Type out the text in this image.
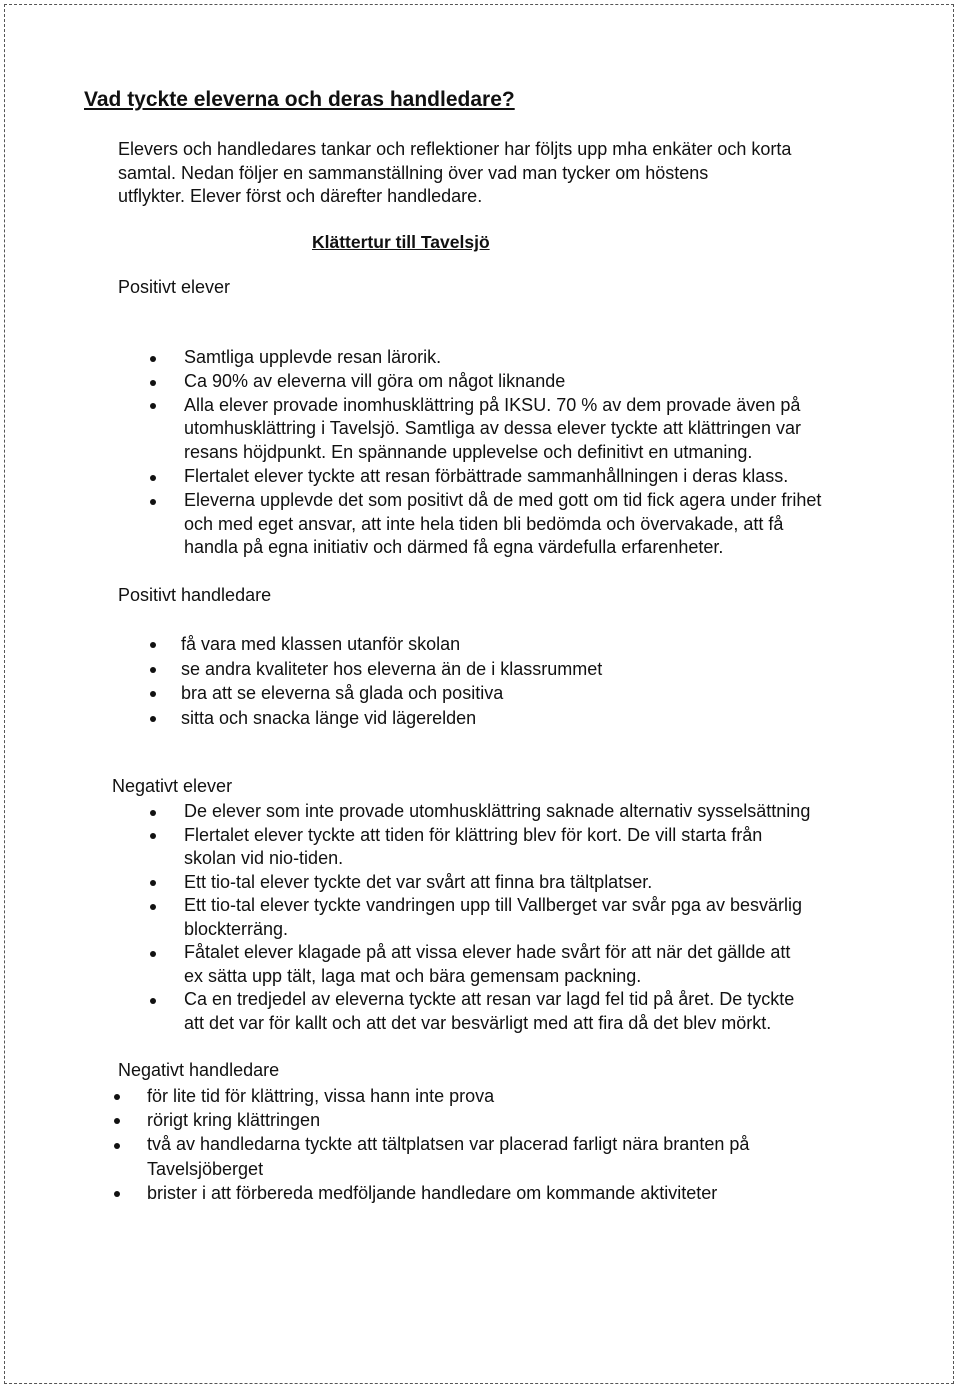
Vad tyckte eleverna och deras handledare?
Elevers och handledares tankar och reflektioner har följts upp mha enkäter och korta
samtal. Nedan följer en sammanställning över vad man tycker om höstens
utflykter. Elever först och därefter handledare.
Klättertur till Tavelsjö
Positivt elever
Samtliga upplevde resan lärorik.
Ca 90% av eleverna vill göra om något liknande
Alla elever provade inomhusklättring på IKSU. 70 % av dem provade även på
utomhusklättring i Tavelsjö. Samtliga av dessa elever tyckte att klättringen var
resans höjdpunkt. En spännande upplevelse och definitivt en utmaning.
Flertalet elever tyckte att resan förbättrade sammanhållningen i deras klass.
Eleverna upplevde det som positivt då de med gott om tid fick agera under frihet
och med eget ansvar, att inte hela tiden bli bedömda och övervakade, att få
handla på egna initiativ och därmed få egna värdefulla erfarenheter.
Positivt handledare
få vara med klassen utanför skolan
se andra kvaliteter hos eleverna än de i klassrummet
bra att se eleverna så glada och positiva
sitta och snacka länge vid lägerelden
Negativt elever
De elever som inte provade utomhusklättring saknade alternativ sysselsättning
Flertalet elever tyckte att tiden för klättring blev för kort. De vill starta från
skolan vid nio-tiden.
Ett tio-tal elever tyckte det var svårt att finna bra tältplatser.
Ett tio-tal elever tyckte vandringen upp till Vallberget var svår pga av besvärlig
blockterräng.
Fåtalet elever klagade på att vissa elever hade svårt för att när det gällde att
ex sätta upp tält, laga mat och bära gemensam packning.
Ca en tredjedel av eleverna tyckte att resan var lagd fel tid på året. De tyckte
att det var för kallt och att det var besvärligt med att fira då det blev mörkt.
Negativt handledare
för lite tid för klättring, vissa hann inte prova
rörigt kring klättringen
två av handledarna tyckte att tältplatsen var placerad farligt nära branten på
Tavelsjöberget
brister i att förbereda medföljande handledare om kommande aktiviteter
